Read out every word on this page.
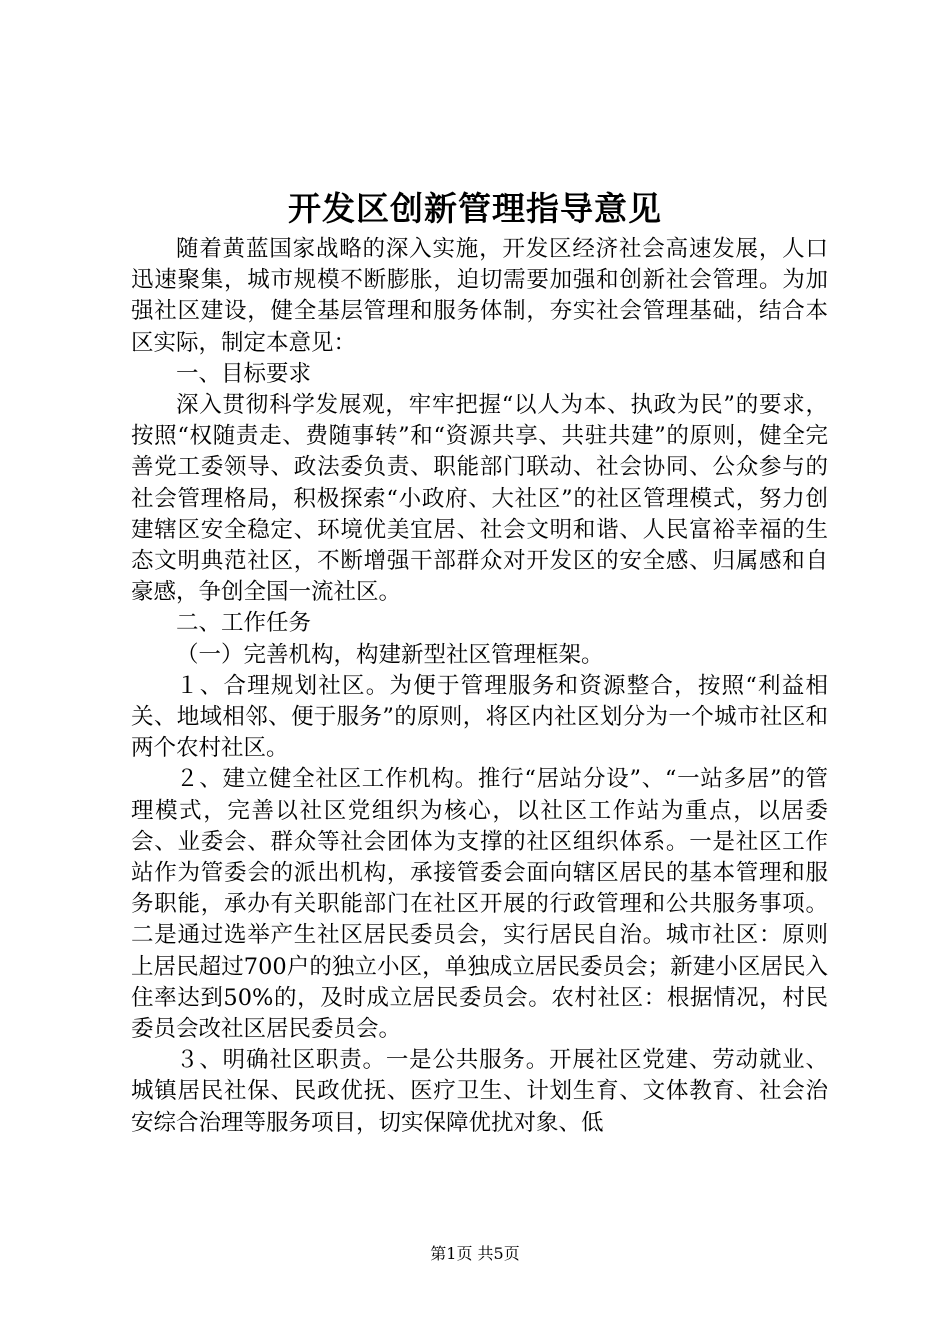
开发区创新管理指导意见

随着黄蓝国家战略的深入实施，开发区经济社会高速发展，人口迅速聚集，城市规模不断膨胀，迫切需要加强和创新社会管理。为加强社区建设，健全基层管理和服务体制，夯实社会管理基础，结合本区实际，制定本意见：

一、目标要求

深入贯彻科学发展观，牢牢把握“以人为本、执政为民”的要求，按照“权随责走、费随事转”和“资源共享、共驻共建”的原则，健全完善党工委领导、政法委负责、职能部门联动、社会协同、公众参与的社会管理格局，积极探索“小政府、大社区”的社区管理模式，努力创建辖区安全稳定、环境优美宜居、社会文明和谐、人民富裕幸福的生态文明典范社区，不断增强干部群众对开发区的安全感、归属感和自豪感，争创全国一流社区。

二、工作任务

（一）完善机构，构建新型社区管理框架。

１、合理规划社区。为便于管理服务和资源整合，按照“利益相关、地域相邻、便于服务”的原则，将区内社区划分为一个城市社区和两个农村社区。

２、建立健全社区工作机构。推行“居站分设”、“一站多居”的管理模式，完善以社区党组织为核心，以社区工作站为重点，以居委会、业委会、群众等社会团体为支撑的社区组织体系。一是社区工作站作为管委会的派出机构，承接管委会面向辖区居民的基本管理和服务职能，承办有关职能部门在社区开展的行政管理和公共服务事项。二是通过选举产生社区居民委员会，实行居民自治。城市社区：原则上居民超过700户的独立小区，单独成立居民委员会；新建小区居民入住率达到50%的，及时成立居民委员会。农村社区：根据情况，村民委员会改社区居民委员会。

３、明确社区职责。一是公共服务。开展社区党建、劳动就业、城镇居民社保、民政优抚、医疗卫生、计划生育、文体教育、社会治安综合治理等服务项目，切实保障优扰对象、低

第1页 共5页
